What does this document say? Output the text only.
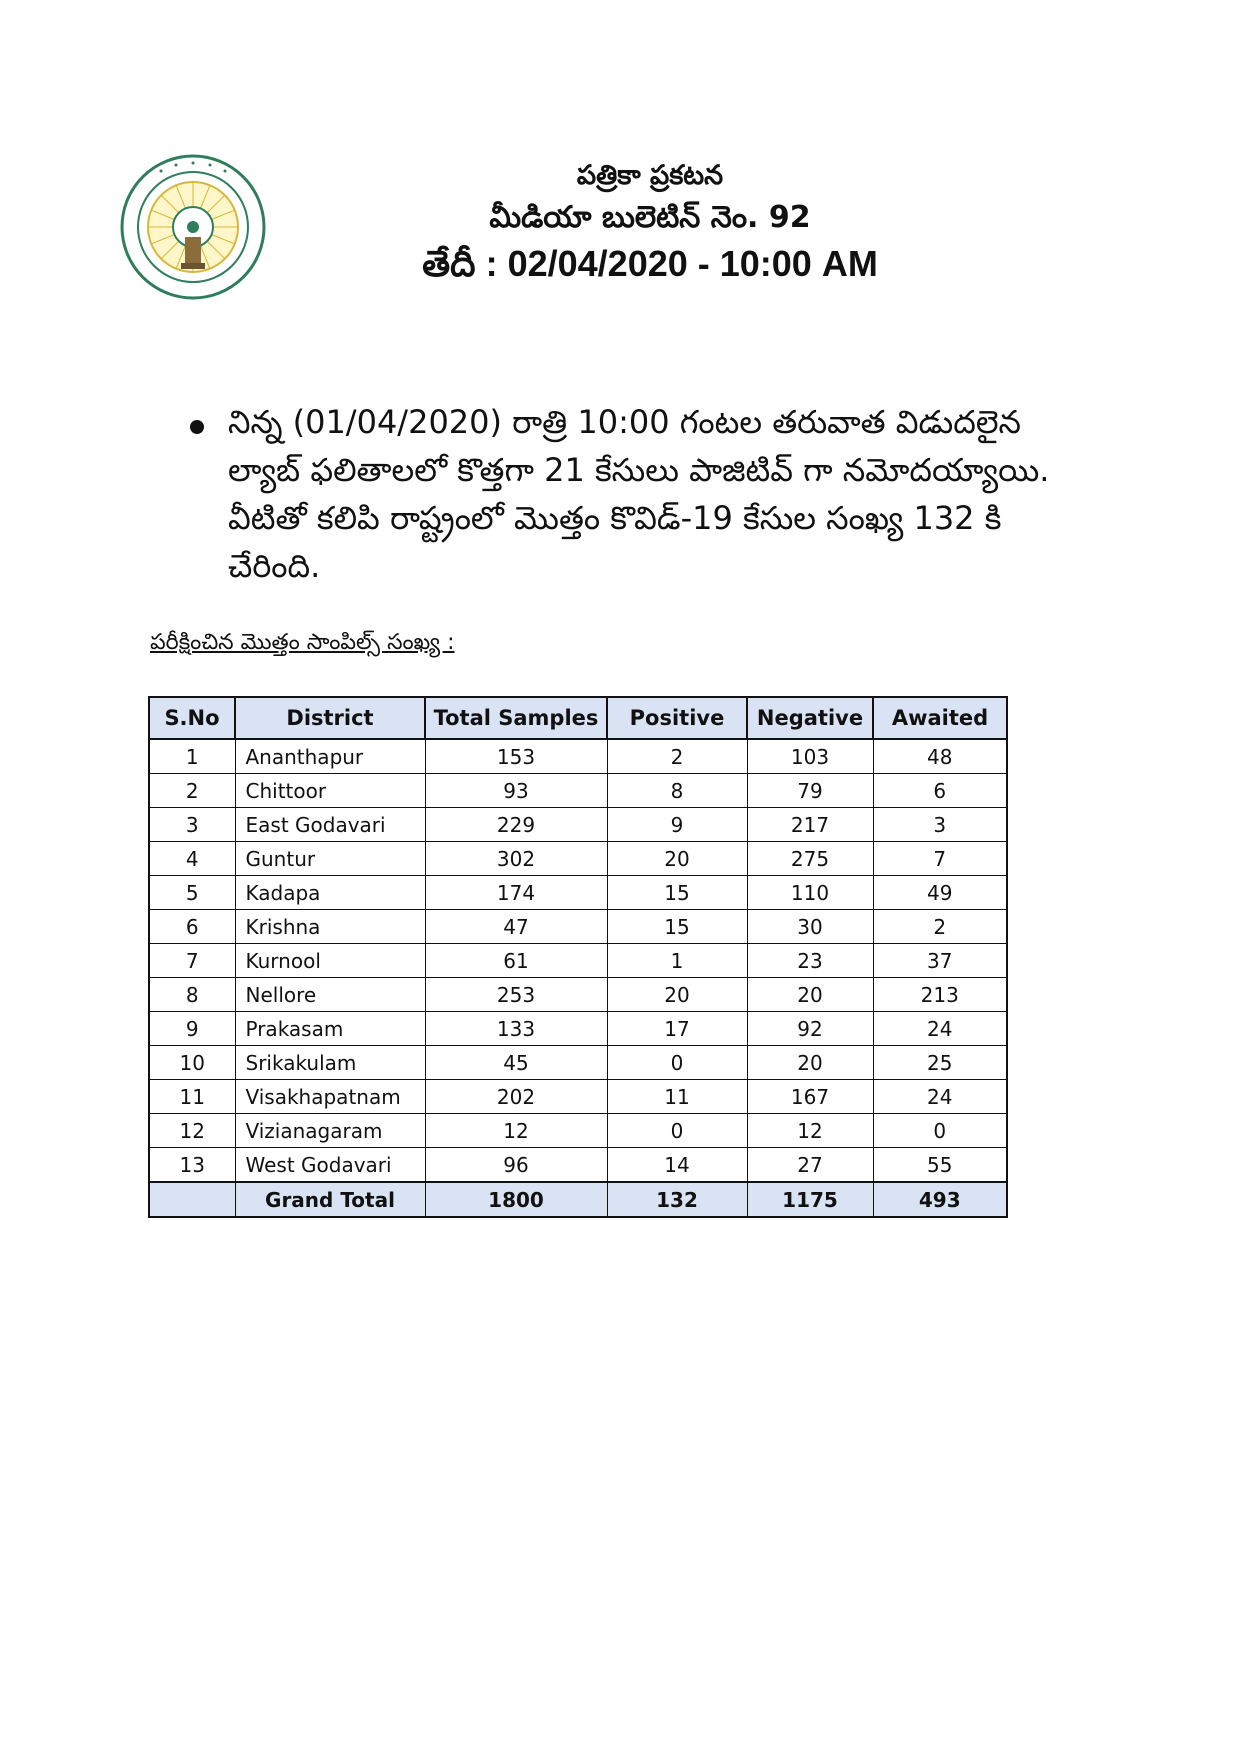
పత్రికా ప్రకటన
మీడియా బులెటిన్ నెం. 92
తేదీ : 02/04/2020 - 10:00 AM
నిన్న (01/04/2020) రాత్రి 10:00 గంటల తరువాత విడుదలైన ల్యాబ్ ఫలితాలలో కొత్తగా 21 కేసులు పాజిటివ్ గా నమోదయ్యాయి. వీటితో కలిపి రాష్ట్రంలో మొత్తం కొవిడ్-19 కేసుల సంఖ్య 132 కి చేరింది.
పరీక్షించిన మొత్తం సాంపిల్స్ సంఖ్య :
S.No	District	Total Samples	Positive	Negative	Awaited
1	Ananthapur	153	2	103	48
2	Chittoor	93	8	79	6
3	East Godavari	229	9	217	3
4	Guntur	302	20	275	7
5	Kadapa	174	15	110	49
6	Krishna	47	15	30	2
7	Kurnool	61	1	23	37
8	Nellore	253	20	20	213
9	Prakasam	133	17	92	24
10	Srikakulam	45	0	20	25
11	Visakhapatnam	202	11	167	24
12	Vizianagaram	12	0	12	0
13	West Godavari	96	14	27	55
	Grand Total	1800	132	1175	493
